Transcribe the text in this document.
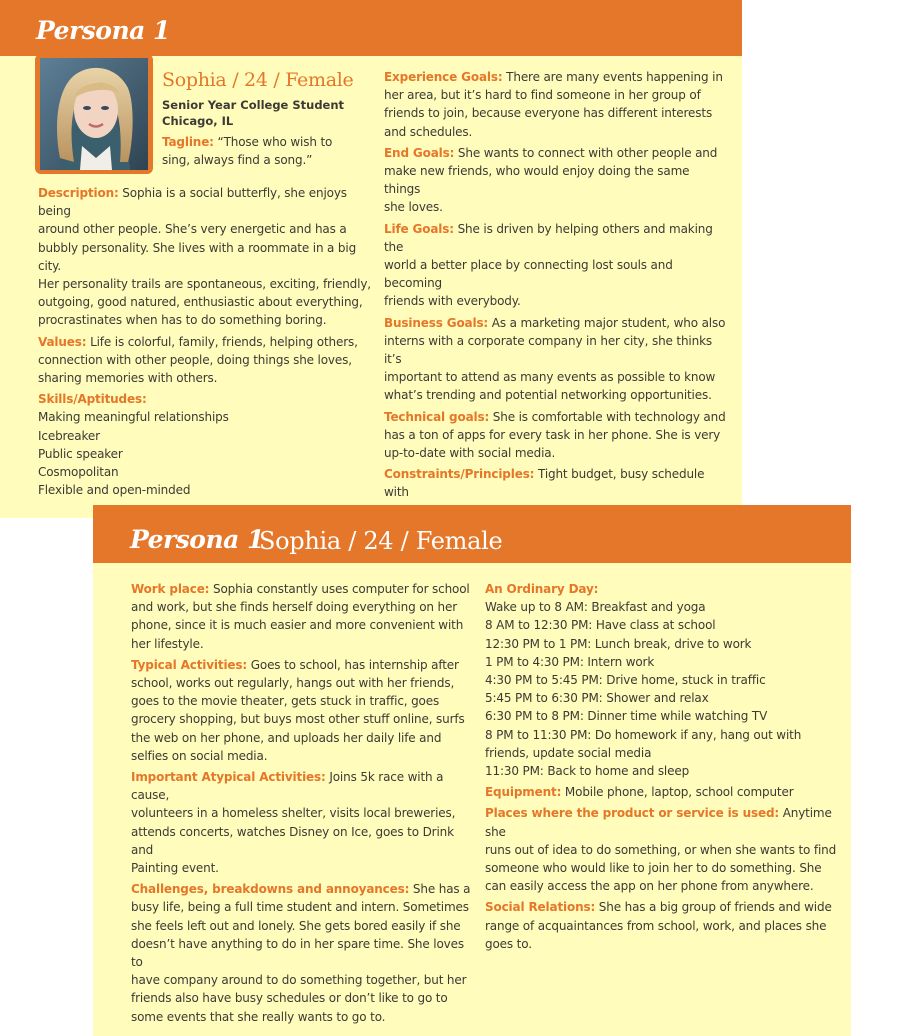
Persona 1
Sophia / 24 / Female
Senior Year College Student
Chicago, IL

Tagline: “Those who wish to

sing, always find a song.”

Description: Sophia is a social butterfly, she enjoys being

around other people. She’s very energetic and has a

bubbly personality. She lives with a roommate in a big city.

Her personality trails are spontaneous, exciting, friendly,

outgoing, good natured, enthusiastic about everything,

procrastinates when has to do something boring.

Values: Life is colorful, family, friends, helping others,

connection with other people, doing things she loves,

sharing memories with others.

Skills/Aptitudes:

Making meaningful relationships

Icebreaker

Public speaker

Cosmopolitan

Flexible and open-minded

Experience Goals: There are many events happening in

her area, but it’s hard to find someone in her group of

friends to join, because everyone has different interests

and schedules.

End Goals: She wants to connect with other people and

make new friends, who would enjoy doing the same things

she loves.

Life Goals: She is driven by helping others and making the

world a better place by connecting lost souls and becoming

friends with everybody.

Business Goals: As a marketing major student, who also

interns with a corporate company in her city, she thinks it’s

important to attend as many events as possible to know

what’s trending and potential networking opportunities.

Technical goals: She is comfortable with technology and

has a ton of apps for every task in her phone. She is very

up-to-date with social media.

Constraints/Principles: Tight budget, busy schedule with

Persona 1
Sophia / 24 / Female

Work place: Sophia constantly uses computer for school

and work, but she finds herself doing everything on her

phone, since it is much easier and more convenient with

her lifestyle.

Typical Activities: Goes to school, has internship after

school, works out regularly, hangs out with her friends,

goes to the movie theater, gets stuck in traffic, goes

grocery shopping, but buys most other stuff online, surfs

the web on her phone, and uploads her daily life and

selfies on social media.

Important Atypical Activities: Joins 5k race with a cause,

volunteers in a homeless shelter, visits local breweries,

attends concerts, watches Disney on Ice, goes to Drink and

Painting event.

Challenges, breakdowns and annoyances: She has a

busy life, being a full time student and intern. Sometimes

she feels left out and lonely. She gets bored easily if she

doesn’t have anything to do in her spare time. She loves to

have company around to do something together, but her

friends also have busy schedules or don’t like to go to

some events that she really wants to go to.

An Ordinary Day:

Wake up to 8 AM: Breakfast and yoga

8 AM to 12:30 PM: Have class at school

12:30 PM to 1 PM: Lunch break, drive to work

1 PM to 4:30 PM: Intern work

4:30 PM to 5:45 PM: Drive home, stuck in traffic

5:45 PM to 6:30 PM: Shower and relax

6:30 PM to 8 PM: Dinner time while watching TV

8 PM to 11:30 PM: Do homework if any, hang out with

friends, update social media

11:30 PM: Back to home and sleep

Equipment: Mobile phone, laptop, school computer

Places where the product or service is used: Anytime she

runs out of idea to do something, or when she wants to find

someone who would like to join her to do something. She

can easily access the app on her phone from anywhere.

Social Relations: She has a big group of friends and wide

range of acquaintances from school, work, and places she

goes to.
